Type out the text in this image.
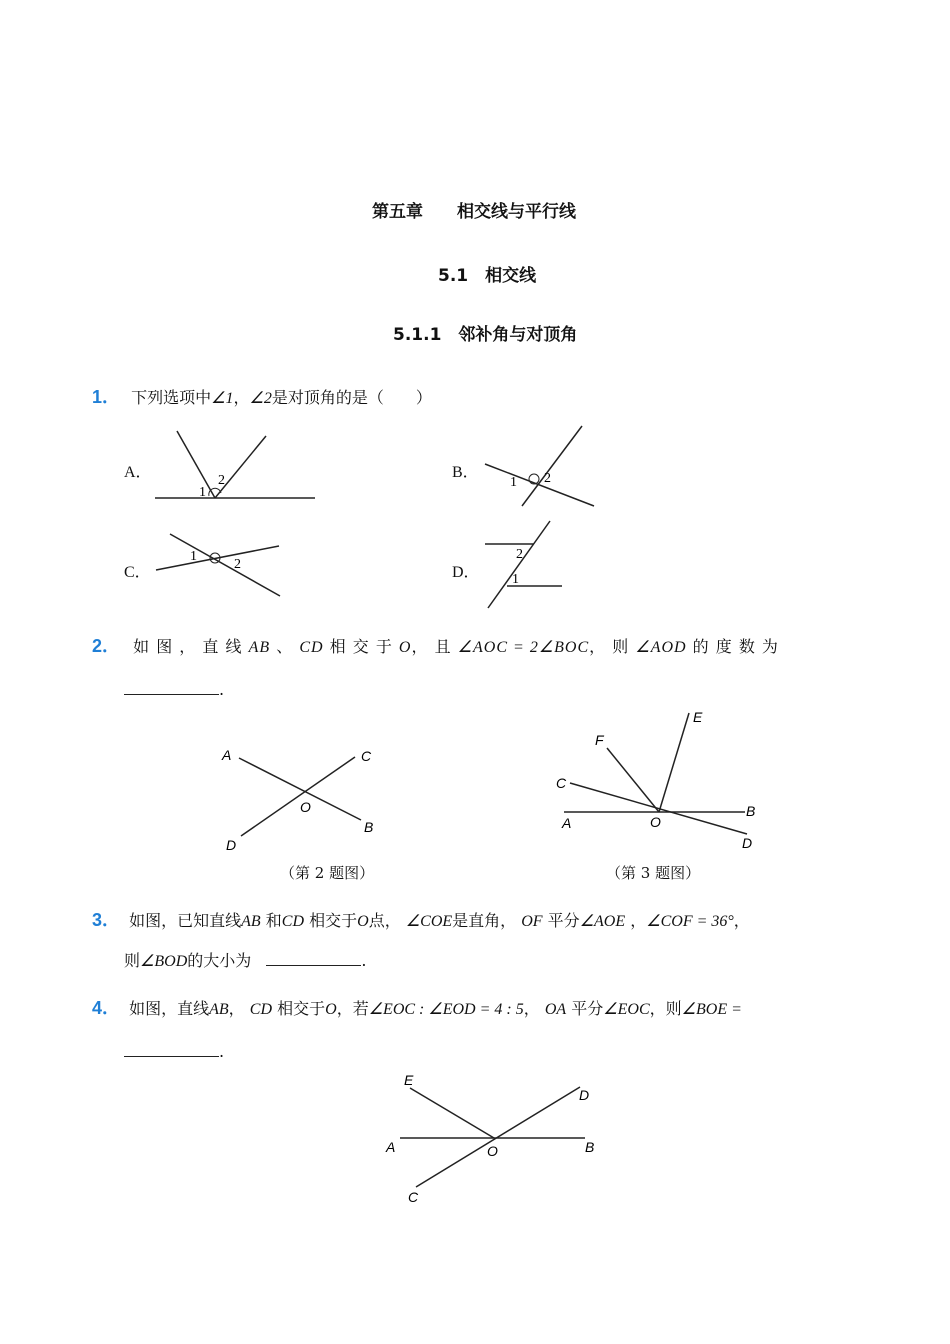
第五章　　相交线与平行线
5.1　相交线
5.1.1　邻补角与对顶角
1． 下列选项中∠1，∠2是对顶角的是（　　）
A．
1
2	B．
1 2
C．
1
2	D．
2
1
2． 如 图 ， 直 线 AB 、 CD 相 交 于 O， 且 ∠AOC = 2∠BOC， 则 ∠AOD 的 度 数 为
.
A	C
O
B
D
（第 2 题图）
E
F
C
B
A	O
D
（第 3 题图）
3． 如图，已知直线AB 和CD 相交于O点， ∠COE是直角， OF 平分∠AOE ，∠COF = 36°，
则∠BOD的大小为	.
4． 如图，直线AB， CD 相交于O，若∠EOC : ∠EOD = 4 : 5， OA 平分∠EOC，则∠BOE =
.
E
D
A	O	B
C
